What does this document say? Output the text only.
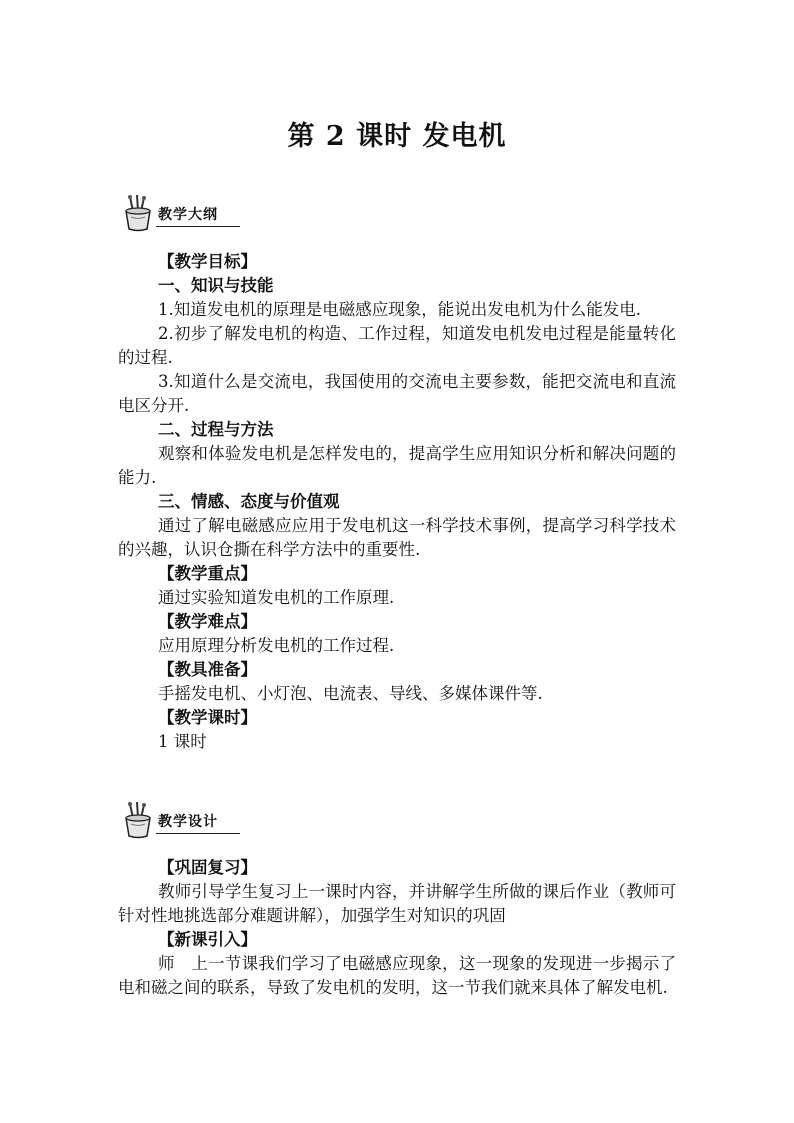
第 2 课时 发电机
教学大纲
【教学目标】
一、知识与技能
1.知道发电机的原理是电磁感应现象，能说出发电机为什么能发电.
2.初步了解发电机的构造、工作过程，知道发电机发电过程是能量转化的过程.
3.知道什么是交流电，我国使用的交流电主要参数，能把交流电和直流电区分开.
二、过程与方法
观察和体验发电机是怎样发电的，提高学生应用知识分析和解决问题的能力.
三、情感、态度与价值观
通过了解电磁感应应用于发电机这一科学技术事例，提高学习科学技术的兴趣，认识仓撕在科学方法中的重要性.
【教学重点】
通过实验知道发电机的工作原理.
【教学难点】
应用原理分析发电机的工作过程.
【教具准备】
手摇发电机、小灯泡、电流表、导线、多媒体课件等.
【教学课时】
1 课时
教学设计
【巩固复习】
教师引导学生复习上一课时内容，并讲解学生所做的课后作业（教师可针对性地挑选部分难题讲解），加强学生对知识的巩固
【新课引入】
师　上一节课我们学习了电磁感应现象，这一现象的发现进一步揭示了电和磁之间的联系，导致了发电机的发明，这一节我们就来具体了解发电机.
